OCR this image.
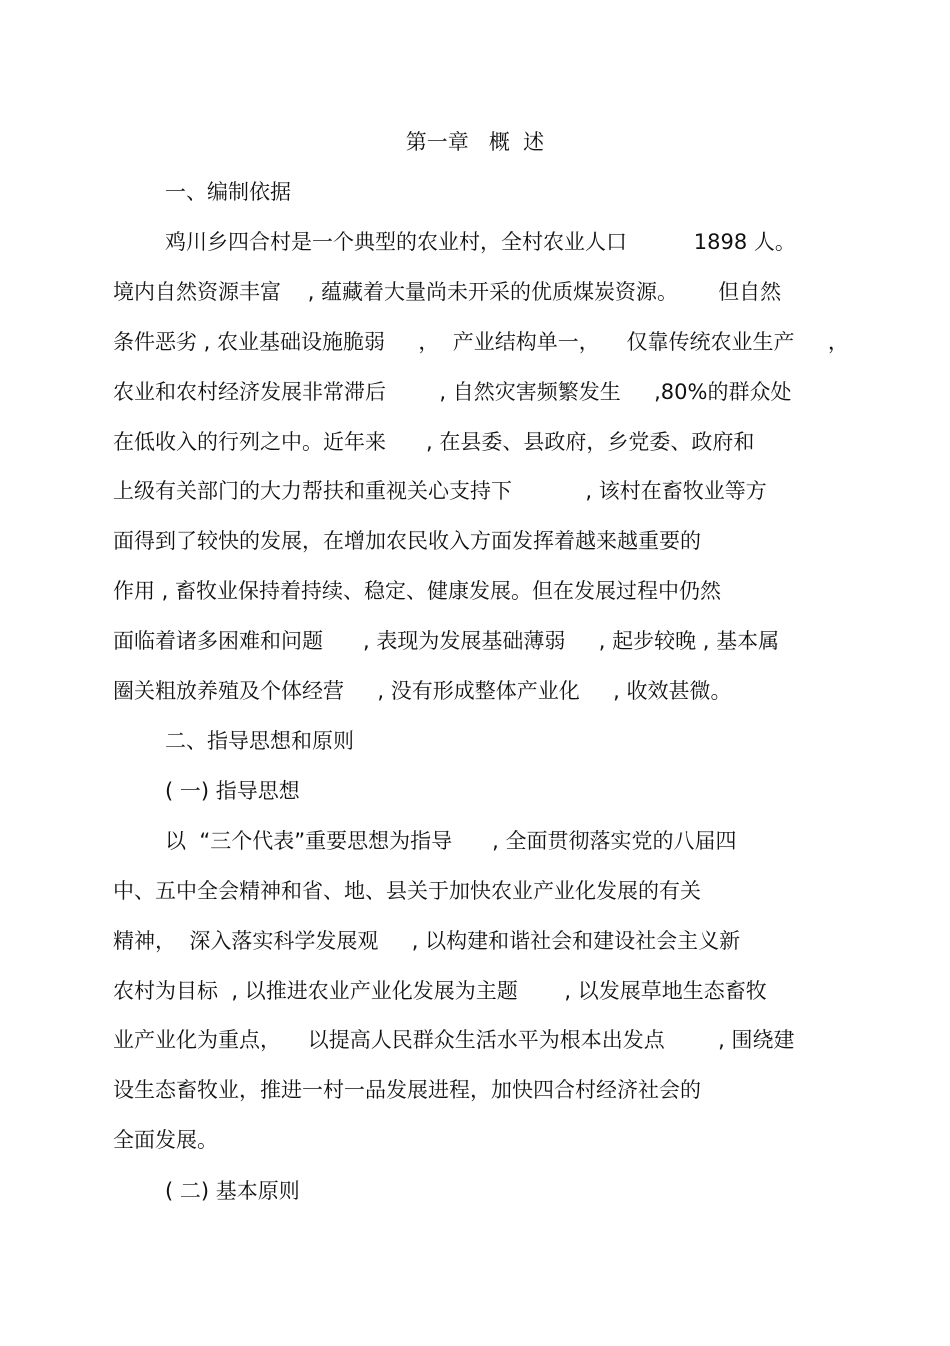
第一章   概  述
一、编制依据
鸡川乡四合村是一个典型的农业村，全村农业人口          1898 人。
境内自然资源丰富    , 蕴藏着大量尚未开采的优质煤炭资源。      但自然
条件恶劣 , 农业基础设施脆弱     ，  产业结构单一，    仅靠传统农业生产     ，
农业和农村经济发展非常滞后        , 自然灾害频繁发生     ,80%的群众处
在低收入的行列之中。近年来      , 在县委、县政府，乡党委、政府和
上级有关部门的大力帮扶和重视关心支持下           , 该村在畜牧业等方
面得到了较快的发展，在增加农民收入方面发挥着越来越重要的
作用 , 畜牧业保持着持续、稳定、健康发展。但在发展过程中仍然
面临着诸多困难和问题      , 表现为发展基础薄弱     , 起步较晚 , 基本属
圈关粗放养殖及个体经营     , 没有形成整体产业化     , 收效甚微。
二、指导思想和原则
( 一) 指导思想
以  “三个代表”重要思想为指导      , 全面贯彻落实党的八届四
中、五中全会精神和省、地、县关于加快农业产业化发展的有关
精神，  深入落实科学发展观     , 以构建和谐社会和建设社会主义新
农村为目标  , 以推进农业产业化发展为主题       , 以发展草地生态畜牧
业产业化为重点，    以提高人民群众生活水平为根本出发点        , 围绕建
设生态畜牧业，推进一村一品发展进程，加快四合村经济社会的
全面发展。
( 二) 基本原则
